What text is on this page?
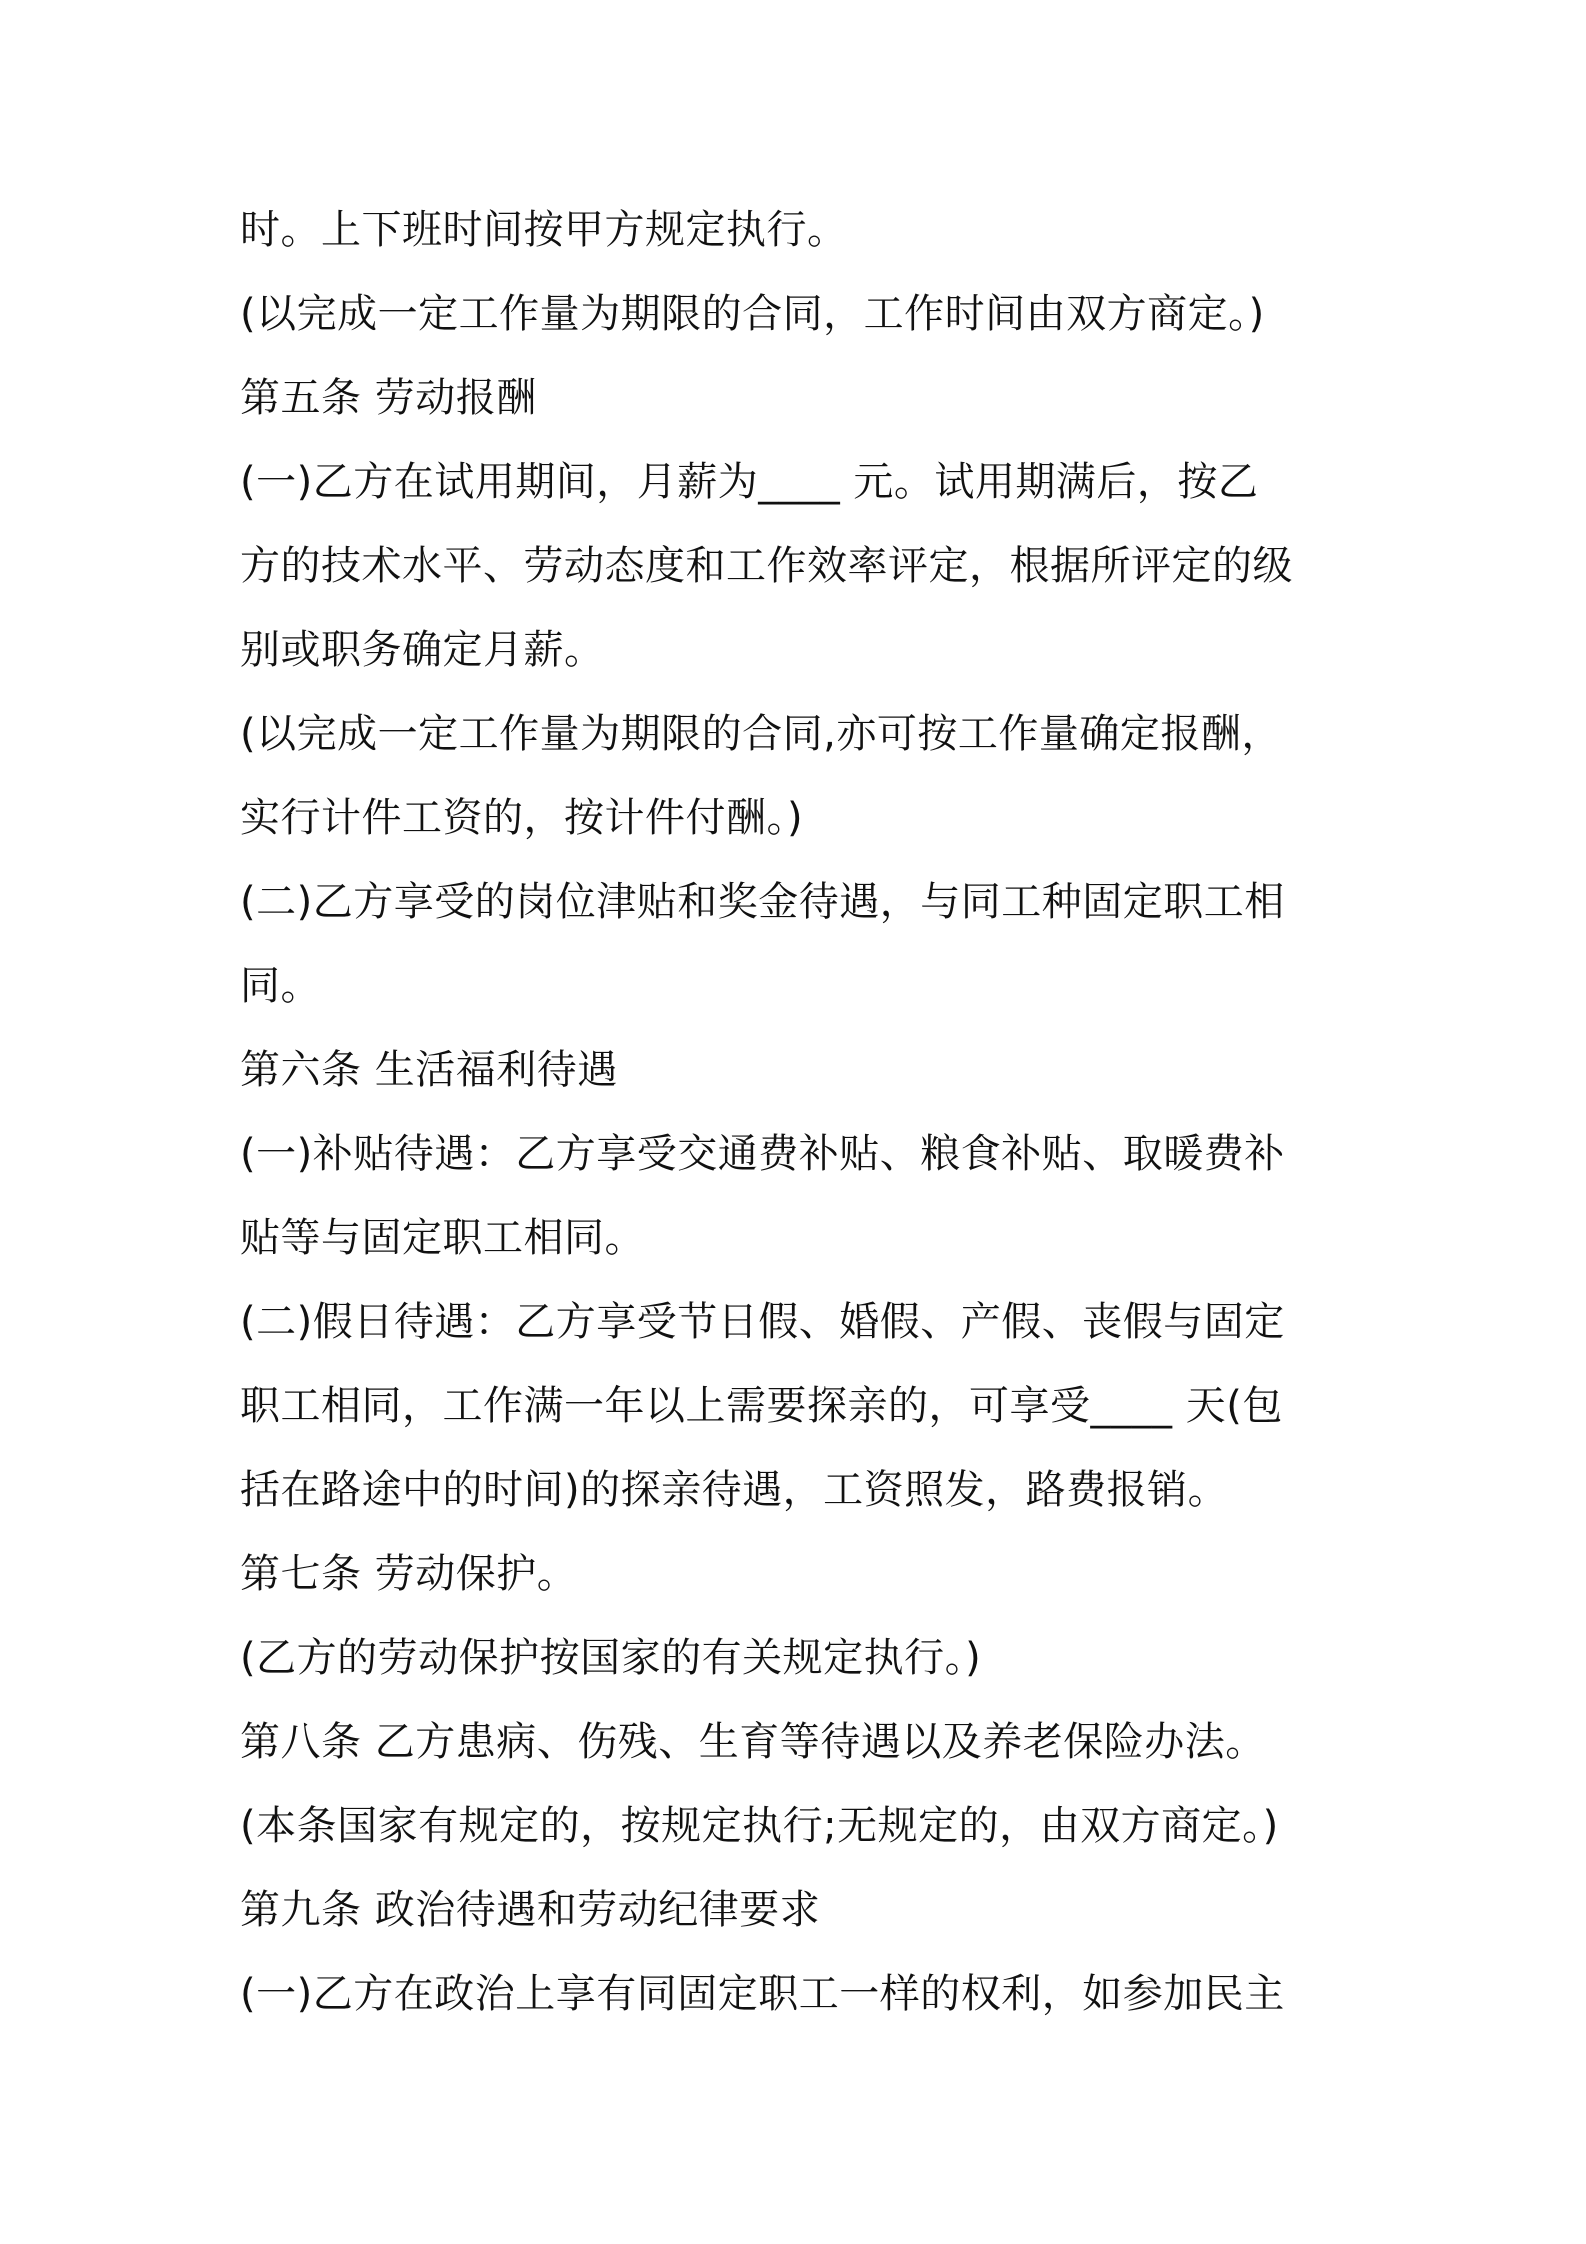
时。上下班时间按甲方规定执行。
(以完成一定工作量为期限的合同，工作时间由双方商定。)
第五条 劳动报酬
(一)乙方在试用期间，月薪为____ 元。试用期满后，按乙
方的技术水平、劳动态度和工作效率评定，根据所评定的级
别或职务确定月薪。
(以完成一定工作量为期限的合同,亦可按工作量确定报酬，
实行计件工资的，按计件付酬。)
(二)乙方享受的岗位津贴和奖金待遇，与同工种固定职工相
同。
第六条 生活福利待遇
(一)补贴待遇：乙方享受交通费补贴、粮食补贴、取暖费补
贴等与固定职工相同。
(二)假日待遇：乙方享受节日假、婚假、产假、丧假与固定
职工相同，工作满一年以上需要探亲的，可享受____ 天(包
括在路途中的时间)的探亲待遇，工资照发，路费报销。
第七条 劳动保护。
(乙方的劳动保护按国家的有关规定执行。)
第八条 乙方患病、伤残、生育等待遇以及养老保险办法。
(本条国家有规定的，按规定执行;无规定的，由双方商定。)
第九条 政治待遇和劳动纪律要求
(一)乙方在政治上享有同固定职工一样的权利，如参加民主
